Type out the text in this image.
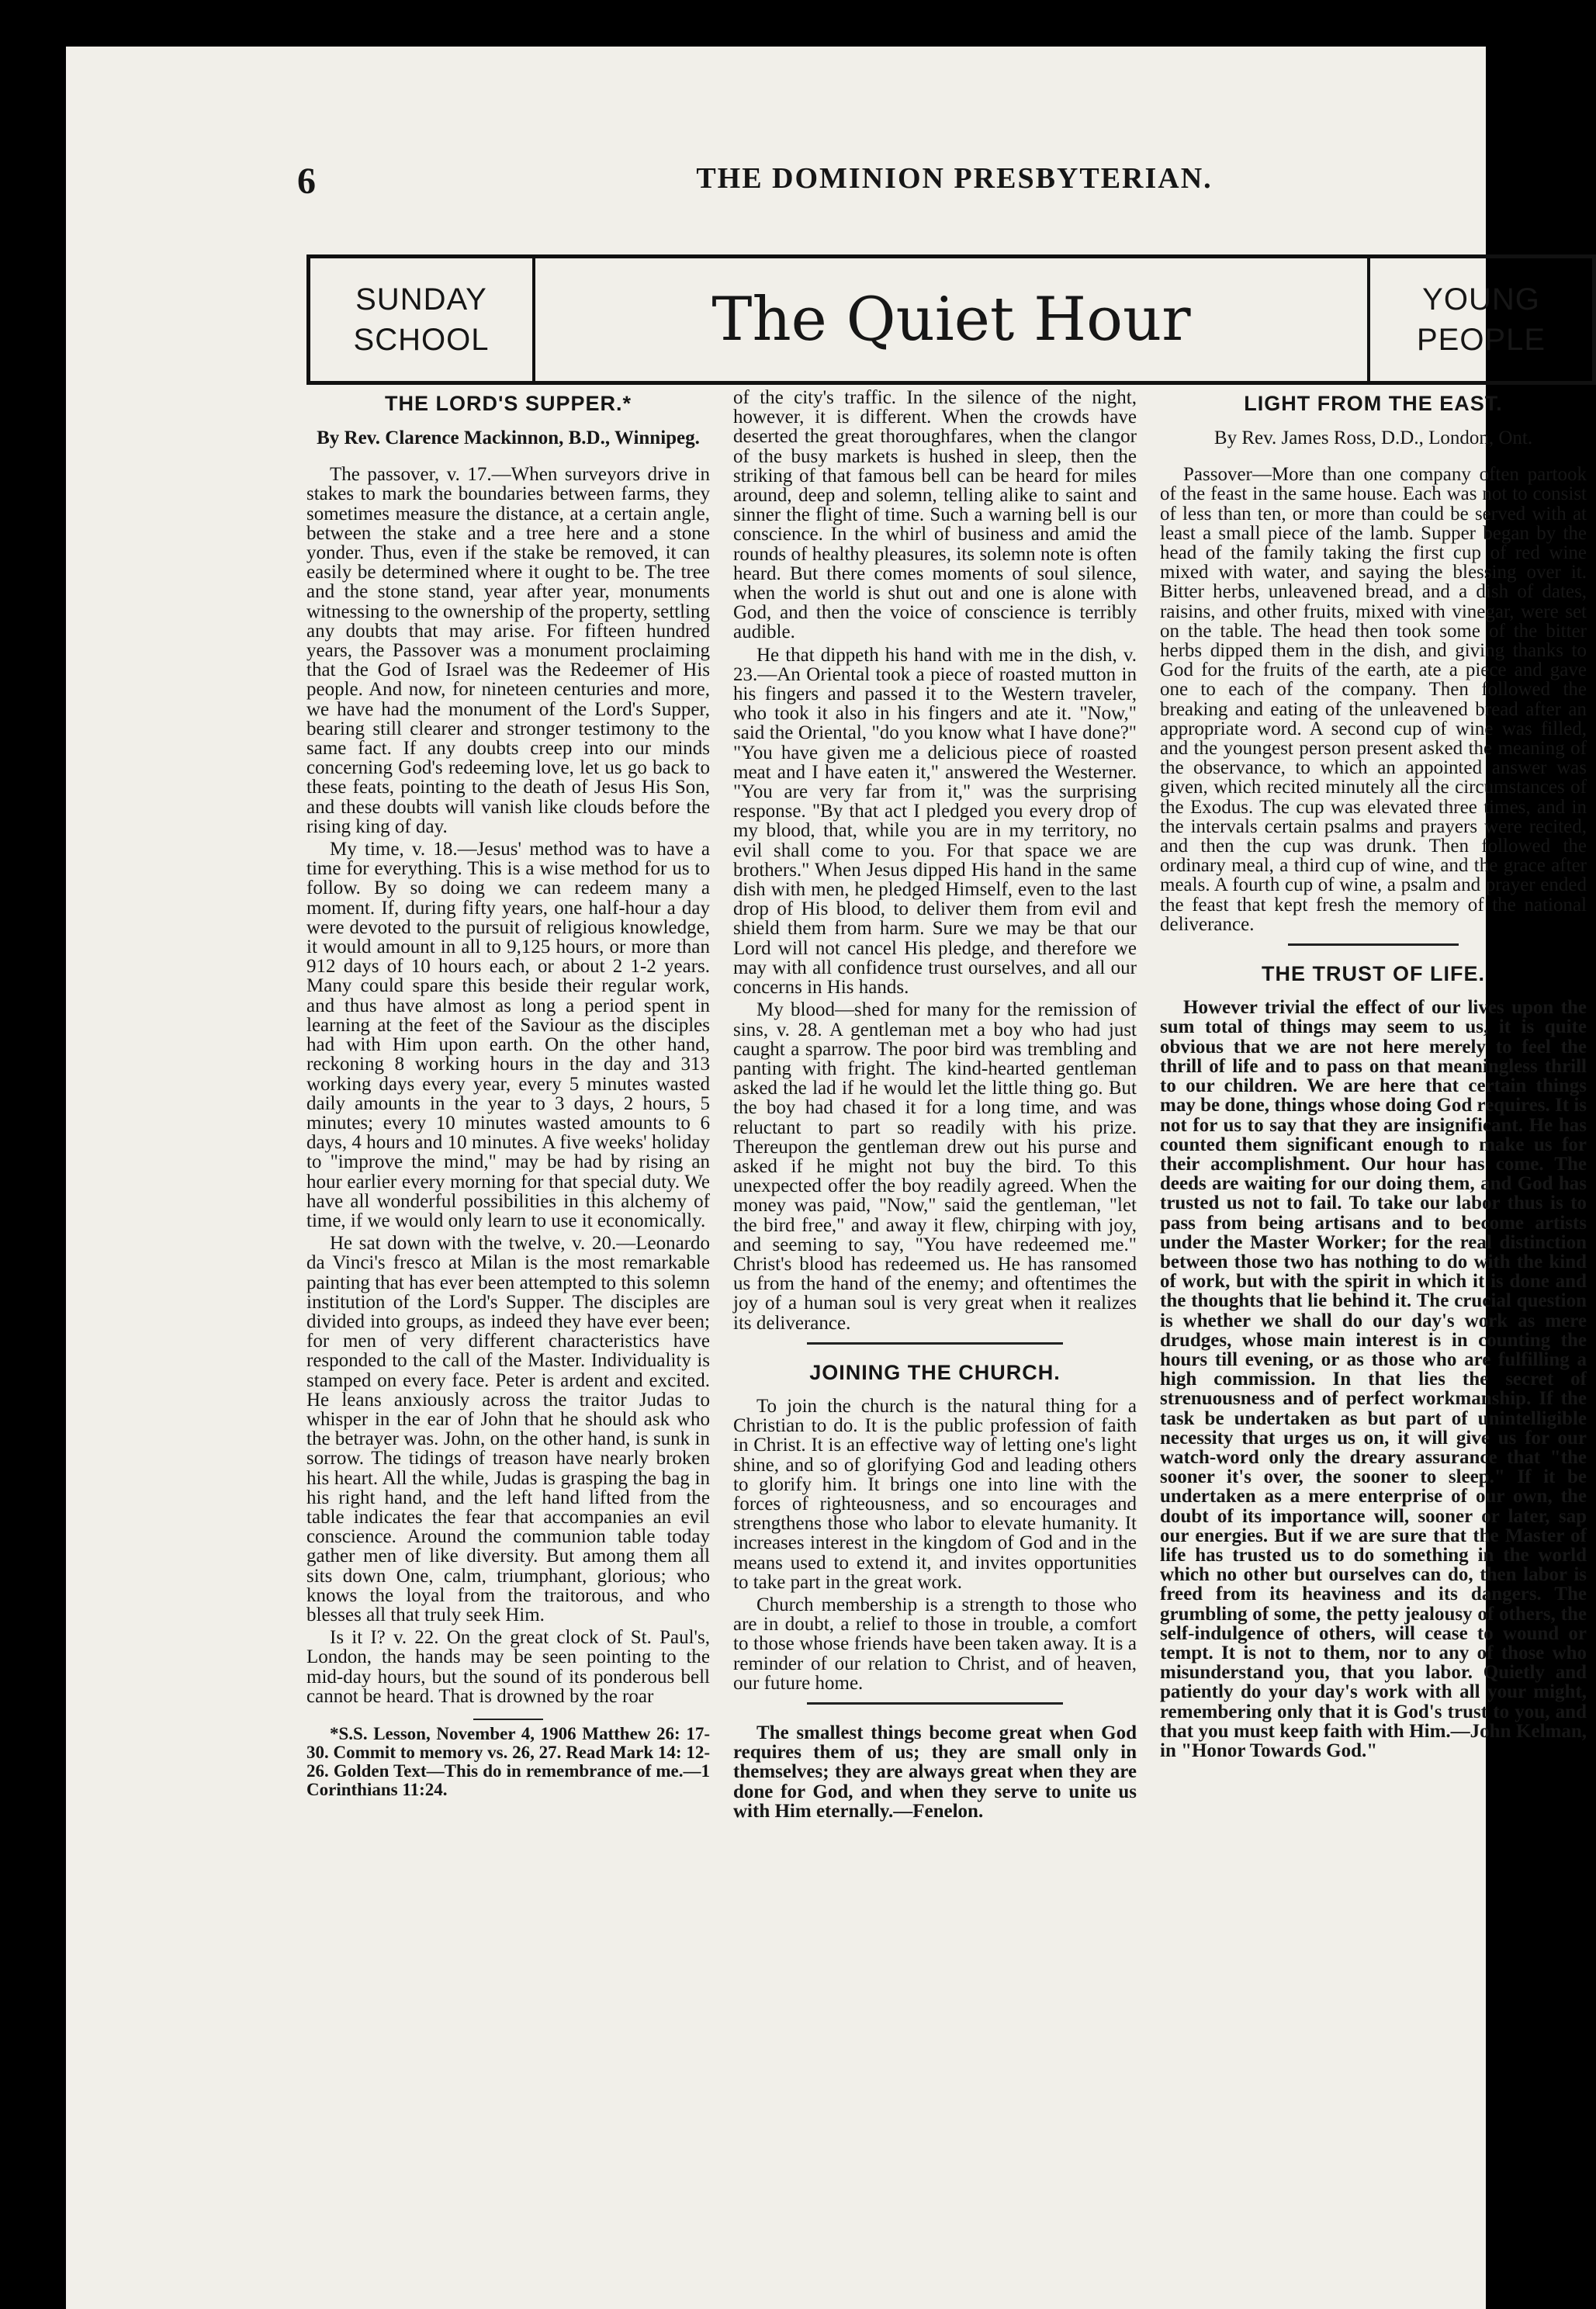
6	THE DOMINION PRESBYTERIAN.
SUNDAY
SCHOOL	The Quiet Hour	YOUNG
PEOPLE
THE LORD'S SUPPER.*
By Rev. Clarence Mackinnon, B.D., Winnipeg.

The passover, v. 17.—When surveyors drive in stakes to mark the boundaries between farms, they sometimes measure the distance, at a certain angle, between the stake and a tree here and a stone yonder. Thus, even if the stake be removed, it can easily be determined where it ought to be. The tree and the stone stand, year after year, monuments witnessing to the ownership of the property, settling any doubts that may arise. For fifteen hundred years, the Passover was a monument proclaiming that the God of Israel was the Redeemer of His people. And now, for nineteen centuries and more, we have had the monument of the Lord's Supper, bearing still clearer and stronger testimony to the same fact. If any doubts creep into our minds concerning God's redeeming love, let us go back to these feats, pointing to the death of Jesus His Son, and these doubts will vanish like clouds before the rising king of day.

My time, v. 18.—Jesus' method was to have a time for everything. This is a wise method for us to follow. By so doing we can redeem many a moment. If, during fifty years, one half-hour a day were devoted to the pursuit of religious knowledge, it would amount in all to 9,125 hours, or more than 912 days of 10 hours each, or about 2 1-2 years. Many could spare this beside their regular work, and thus have almost as long a period spent in learning at the feet of the Saviour as the disciples had with Him upon earth. On the other hand, reckoning 8 working hours in the day and 313 working days every year, every 5 minutes wasted daily amounts in the year to 3 days, 2 hours, 5 minutes; every 10 minutes wasted amounts to 6 days, 4 hours and 10 minutes. A five weeks' holiday to "improve the mind," may be had by rising an hour earlier every morning for that special duty. We have all wonderful possibilities in this alchemy of time, if we would only learn to use it economically.

He sat down with the twelve, v. 20.—Leonardo da Vinci's fresco at Milan is the most remarkable painting that has ever been attempted to this solemn institution of the Lord's Supper. The disciples are divided into groups, as indeed they have ever been; for men of very different characteristics have responded to the call of the Master. Individuality is stamped on every face. Peter is ardent and excited. He leans anxiously across the traitor Judas to whisper in the ear of John that he should ask who the betrayer was. John, on the other hand, is sunk in sorrow. The tidings of treason have nearly broken his heart. All the while, Judas is grasping the bag in his right hand, and the left hand lifted from the table indicates the fear that accompanies an evil conscience. Around the communion table today gather men of like diversity. But among them all sits down One, calm, triumphant, glorious; who knows the loyal from the traitorous, and who blesses all that truly seek Him.

Is it I? v. 22. On the great clock of St. Paul's, London, the hands may be seen pointing to the mid-day hours, but the sound of its ponderous bell cannot be heard. That is drowned by the roar

*S.S. Lesson, November 4, 1906 Matthew 26: 17-30. Commit to memory vs. 26, 27. Read Mark 14: 12-26. Golden Text—This do in remembrance of me.—1 Corinthians 11:24.

of the city's traffic. In the silence of the night, however, it is different. When the crowds have deserted the great thoroughfares, when the clangor of the busy markets is hushed in sleep, then the striking of that famous bell can be heard for miles around, deep and solemn, telling alike to saint and sinner the flight of time. Such a warning bell is our conscience. In the whirl of business and amid the rounds of healthy pleasures, its solemn note is often heard. But there comes moments of soul silence, when the world is shut out and one is alone with God, and then the voice of conscience is terribly audible.

He that dippeth his hand with me in the dish, v. 23.—An Oriental took a piece of roasted mutton in his fingers and passed it to the Western traveler, who took it also in his fingers and ate it. "Now," said the Oriental, "do you know what I have done?" "You have given me a delicious piece of roasted meat and I have eaten it," answered the Westerner. "You are very far from it," was the surprising response. "By that act I pledged you every drop of my blood, that, while you are in my territory, no evil shall come to you. For that space we are brothers." When Jesus dipped His hand in the same dish with men, he pledged Himself, even to the last drop of His blood, to deliver them from evil and shield them from harm. Sure we may be that our Lord will not cancel His pledge, and therefore we may with all confidence trust ourselves, and all our concerns in His hands.

My blood—shed for many for the remission of sins, v. 28. A gentleman met a boy who had just caught a sparrow. The poor bird was trembling and panting with fright. The kind-hearted gentleman asked the lad if he would let the little thing go. But the boy had chased it for a long time, and was reluctant to part so readily with his prize. Thereupon the gentleman drew out his purse and asked if he might not buy the bird. To this unexpected offer the boy readily agreed. When the money was paid, "Now," said the gentleman, "let the bird free," and away it flew, chirping with joy, and seeming to say, "You have redeemed me." Christ's blood has redeemed us. He has ransomed us from the hand of the enemy; and oftentimes the joy of a human soul is very great when it realizes its deliverance.

JOINING THE CHURCH.

To join the church is the natural thing for a Christian to do. It is the public profession of faith in Christ. It is an effective way of letting one's light shine, and so of glorifying God and leading others to glorify him. It brings one into line with the forces of righteousness, and so encourages and strengthens those who labor to elevate humanity. It increases interest in the kingdom of God and in the means used to extend it, and invites opportunities to take part in the great work.

Church membership is a strength to those who are in doubt, a relief to those in trouble, a comfort to those whose friends have been taken away. It is a reminder of our relation to Christ, and of heaven, our future home.

The smallest things become great when God requires them of us; they are small only in themselves; they are always great when they are done for God, and when they serve to unite us with Him eternally.—Fenelon.

LIGHT FROM THE EAST.
By Rev. James Ross, D.D., London, Ont.

Passover—More than one company often partook of the feast in the same house. Each was not to consist of less than ten, or more than could be served with at least a small piece of the lamb. Supper began by the head of the family taking the first cup of red wine mixed with water, and saying the blessing over it. Bitter herbs, unleavened bread, and a dish of dates, raisins, and other fruits, mixed with vinegar, were set on the table. The head then took some of the bitter herbs dipped them in the dish, and giving thanks to God for the fruits of the earth, ate a piece and gave one to each of the company. Then followed the breaking and eating of the unleavened bread after an appropriate word. A second cup of wine was filled, and the youngest person present asked the meaning of the observance, to which an appointed answer was given, which recited minutely all the circumstances of the Exodus. The cup was elevated three times, and in the intervals certain psalms and prayers were recited, and then the cup was drunk. Then followed the ordinary meal, a third cup of wine, and the grace after meals. A fourth cup of wine, a psalm and prayer ended the feast that kept fresh the memory of the national deliverance.

THE TRUST OF LIFE.

However trivial the effect of our lives upon the sum total of things may seem to us, it is quite obvious that we are not here merely to feel the thrill of life and to pass on that meaningless thrill to our children. We are here that certain things may be done, things whose doing God requires. It is not for us to say that they are insignificant. He has counted them significant enough to make us for their accomplishment. Our hour has come. The deeds are waiting for our doing them, and God has trusted us not to fail. To take our labor thus is to pass from being artisans and to become artists under the Master Worker; for the real distinction between those two has nothing to do with the kind of work, but with the spirit in which it is done and the thoughts that lie behind it. The crucial question is whether we shall do our day's work as mere drudges, whose main interest is in counting the hours till evening, or as those who are fulfilling a high commission. In that lies the secret of strenuousness and of perfect workmanship. If the task be undertaken as but part of unintelligible necessity that urges us on, it will give us for our watch-word only the dreary assurance that "the sooner it's over, the sooner to sleep." If it be undertaken as a mere enterprise of our own, the doubt of its importance will, sooner or later, sap our energies. But if we are sure that the Master of life has trusted us to do something in the world which no other but ourselves can do, then labor is freed from its heaviness and its dangers. The grumbling of some, the petty jealousy of others, the self-indulgence of others, will cease to wound or tempt. It is not to them, nor to any of those who misunderstand you, that you labor. Quietly and patiently do your day's work with all your might, remembering only that it is God's trust to you, and that you must keep faith with Him.—John Kelman, in "Honor Towards God."
